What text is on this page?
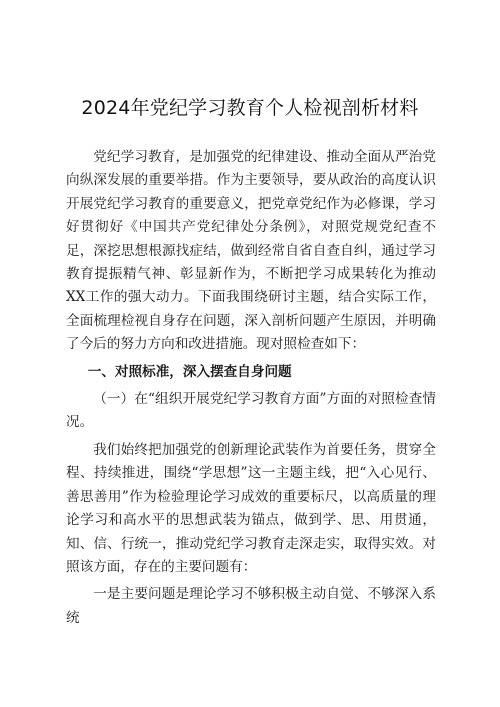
2024年党纪学习教育个人检视剖析材料

党纪学习教育，是加强党的纪律建设、推动全面从严治党向纵深发展的重要举措。作为主要领导，要从政治的高度认识开展党纪学习教育的重要意义，把党章党纪作为必修课，学习好贯彻好《中国共产党纪律处分条例》，对照党规党纪查不足，深挖思想根源找症结，做到经常自省自查自纠，通过学习教育提振精气神、彰显新作为，不断把学习成果转化为推动XX工作的强大动力。下面我围绕研讨主题，结合实际工作，全面梳理检视自身存在问题，深入剖析问题产生原因，并明确了今后的努力方向和改进措施。现对照检查如下：

一、对照标准，深入摆查自身问题

（一）在“组织开展党纪学习教育方面”方面的对照检查情况。

我们始终把加强党的创新理论武装作为首要任务，贯穿全程、持续推进，围绕“学思想”这一主题主线，把“入心见行、善思善用”作为检验理论学习成效的重要标尺，以高质量的理论学习和高水平的思想武装为锚点，做到学、思、用贯通，知、信、行统一，推动党纪学习教育走深走实，取得实效。对照该方面，存在的主要问题有：

一是主要问题是理论学习不够积极主动自觉、不够深入系统
